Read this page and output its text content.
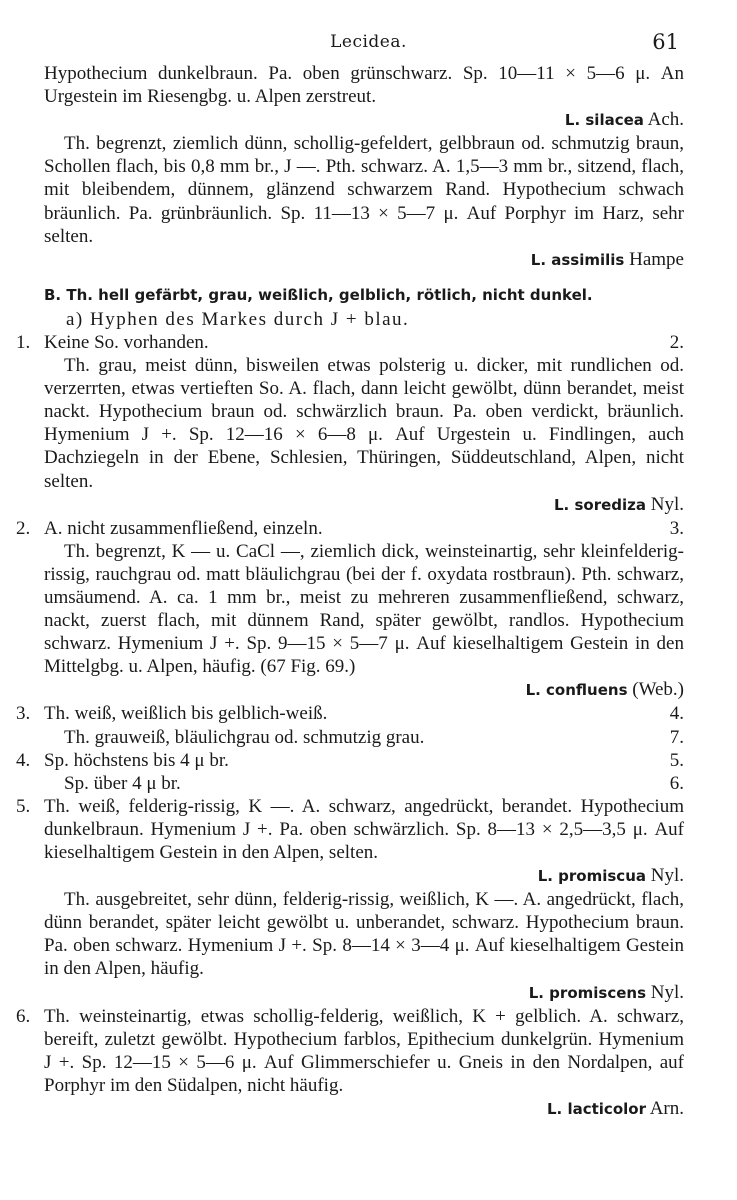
Lecidea.	61

Hypothecium dunkelbraun. Pa. oben grünschwarz. Sp. 10—11 × 5—6 μ. An Urgestein im Riesengbg. u. Alpen zerstreut.

L. silacea Ach.

Th. begrenzt, ziemlich dünn, schollig-gefeldert, gelbbraun od. schmutzig braun, Schollen flach, bis 0,8 mm br., J —. Pth. schwarz. A. 1,5—3 mm br., sitzend, flach, mit bleibendem, dünnem, glänzend schwarzem Rand. Hypothecium schwach bräunlich. Pa. grünbräunlich. Sp. 11—13 × 5—7 μ. Auf Porphyr im Harz, sehr selten.

L. assimilis Hampe
B. Th. hell gefärbt, grau, weißlich, gelblich, rötlich, nicht dunkel.
a) Hyphen des Markes durch J + blau.
1. Keine So. vorhanden.	2.

Th. grau, meist dünn, bisweilen etwas polsterig u. dicker, mit rundlichen od. verzerrten, etwas vertieften So. A. flach, dann leicht gewölbt, dünn berandet, meist nackt. Hypothecium braun od. schwärzlich braun. Pa. oben verdickt, bräunlich. Hymenium J +. Sp. 12—16 × 6—8 μ. Auf Urgestein u. Findlingen, auch Dachziegeln in der Ebene, Schlesien, Thüringen, Süddeutschland, Alpen, nicht selten.

L. sorediza Nyl.
2. A. nicht zusammenfließend, einzeln.	3.

Th. begrenzt, K — u. CaCl —, ziemlich dick, weinsteinartig, sehr kleinfelderig-rissig, rauchgrau od. matt bläulichgrau (bei der f. oxydata rostbraun). Pth. schwarz, umsäumend. A. ca. 1 mm br., meist zu mehreren zusammenfließend, schwarz, nackt, zuerst flach, mit dünnem Rand, später gewölbt, randlos. Hypothecium schwarz. Hymenium J +. Sp. 9—15 × 5—7 μ. Auf kieselhaltigem Gestein in den Mittelgbg. u. Alpen, häufig. (67 Fig. 69.)

L. confluens (Web.)
3. Th. weiß, weißlich bis gelblich-weiß.	4.
Th. grauweiß, bläulichgrau od. schmutzig grau.	7.
4. Sp. höchstens bis 4 μ br.	5.
Sp. über 4 μ br.	6.
5. Th. weiß, felderig-rissig, K —. A. schwarz, angedrückt, berandet. Hypothecium dunkelbraun. Hymenium J +. Pa. oben schwärzlich. Sp. 8—13 × 2,5—3,5 μ. Auf kieselhaltigem Gestein in den Alpen, selten.

L. promiscua Nyl.

Th. ausgebreitet, sehr dünn, felderig-rissig, weißlich, K —. A. angedrückt, flach, dünn berandet, später leicht gewölbt u. unberandet, schwarz. Hypothecium braun. Pa. oben schwarz. Hymenium J +. Sp. 8—14 × 3—4 μ. Auf kieselhaltigem Gestein in den Alpen, häufig.

L. promiscens Nyl.
6. Th. weinsteinartig, etwas schollig-felderig, weißlich, K + gelblich. A. schwarz, bereift, zuletzt gewölbt. Hypothecium farblos, Epithecium dunkelgrün. Hymenium J +. Sp. 12—15 × 5—6 μ. Auf Glimmerschiefer u. Gneis in den Nordalpen, auf Porphyr im den Südalpen, nicht häufig.

L. lacticolor Arn.
